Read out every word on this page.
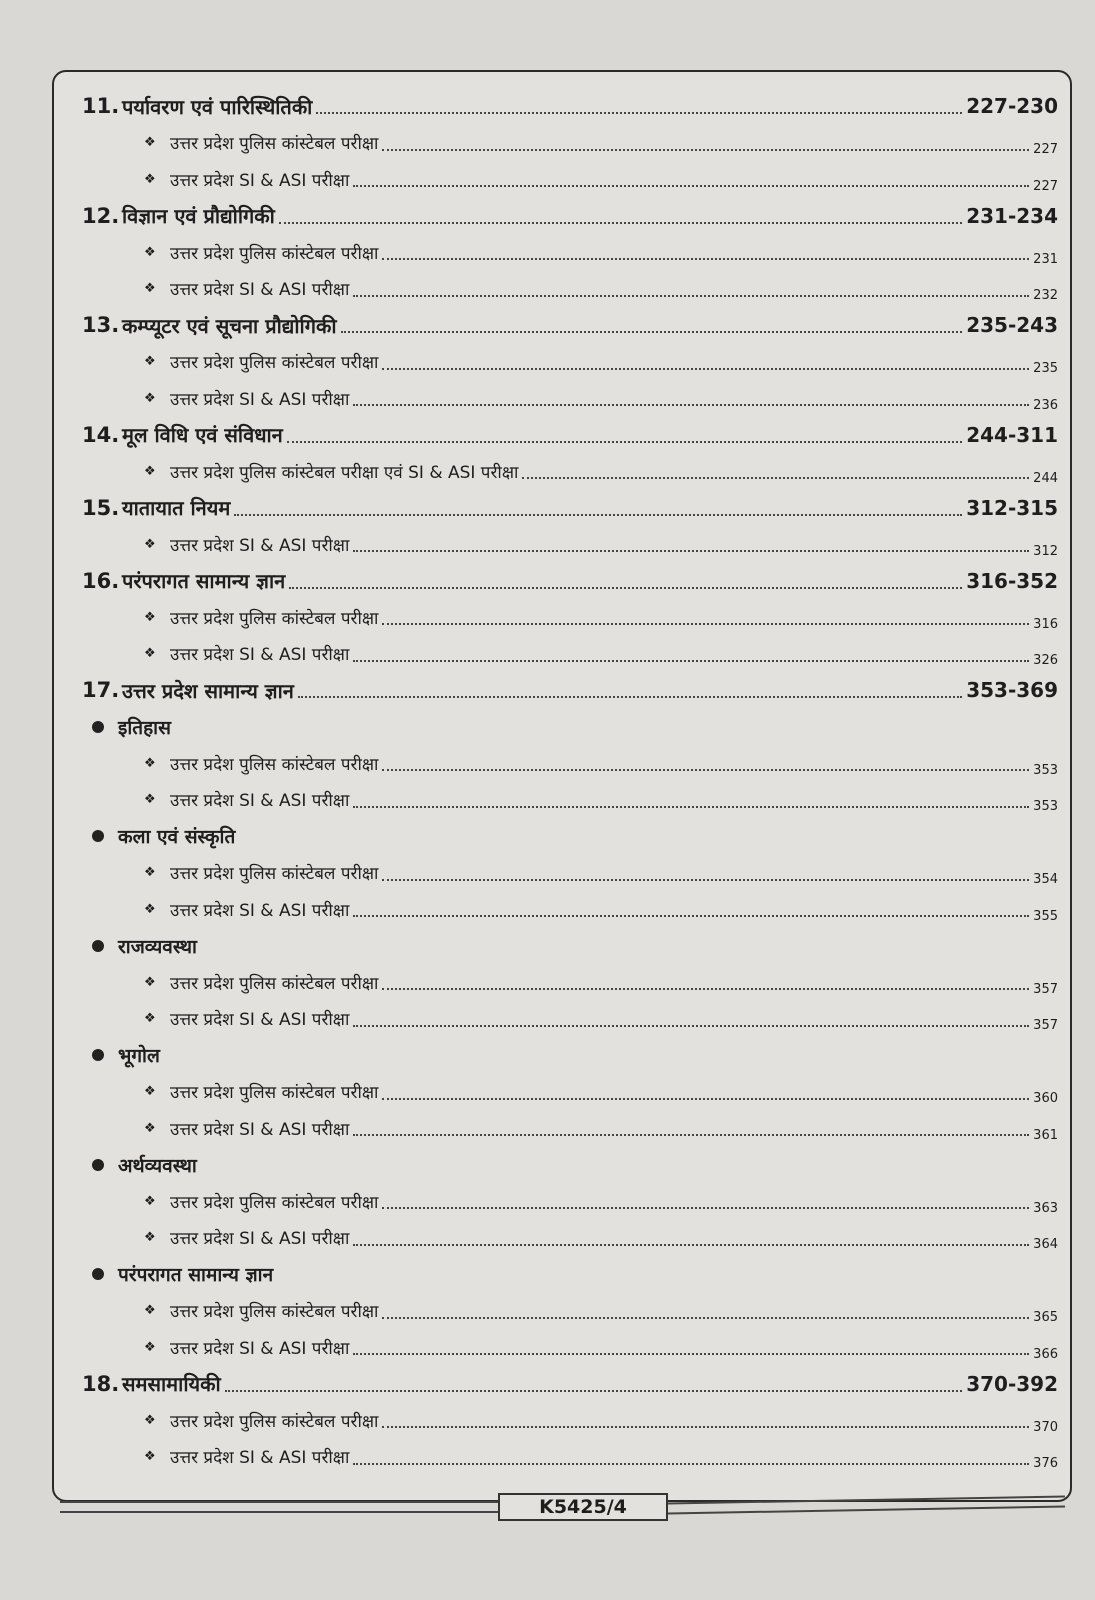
11. पर्यावरण एवं पारिस्थितिकी	227-230
❖ उत्तर प्रदेश पुलिस कांस्टेबल परीक्षा	227
❖ उत्तर प्रदेश SI & ASI परीक्षा	227
12. विज्ञान एवं प्रौद्योगिकी	231-234
❖ उत्तर प्रदेश पुलिस कांस्टेबल परीक्षा	231
❖ उत्तर प्रदेश SI & ASI परीक्षा	232
13. कम्प्यूटर एवं सूचना प्रौद्योगिकी	235-243
❖ उत्तर प्रदेश पुलिस कांस्टेबल परीक्षा	235
❖ उत्तर प्रदेश SI & ASI परीक्षा	236
14. मूल विधि एवं संविधान	244-311
❖ उत्तर प्रदेश पुलिस कांस्टेबल परीक्षा एवं SI & ASI परीक्षा	244
15. यातायात नियम	312-315
❖ उत्तर प्रदेश SI & ASI परीक्षा	312
16. परंपरागत सामान्य ज्ञान	316-352
❖ उत्तर प्रदेश पुलिस कांस्टेबल परीक्षा	316
❖ उत्तर प्रदेश SI & ASI परीक्षा	326
17. उत्तर प्रदेश सामान्य ज्ञान	353-369
इतिहास
❖ उत्तर प्रदेश पुलिस कांस्टेबल परीक्षा	353
❖ उत्तर प्रदेश SI & ASI परीक्षा	353
कला एवं संस्कृति
❖ उत्तर प्रदेश पुलिस कांस्टेबल परीक्षा	354
❖ उत्तर प्रदेश SI & ASI परीक्षा	355
राजव्यवस्था
❖ उत्तर प्रदेश पुलिस कांस्टेबल परीक्षा	357
❖ उत्तर प्रदेश SI & ASI परीक्षा	357
भूगोल
❖ उत्तर प्रदेश पुलिस कांस्टेबल परीक्षा	360
❖ उत्तर प्रदेश SI & ASI परीक्षा	361
अर्थव्यवस्था
❖ उत्तर प्रदेश पुलिस कांस्टेबल परीक्षा	363
❖ उत्तर प्रदेश SI & ASI परीक्षा	364
परंपरागत सामान्य ज्ञान
❖ उत्तर प्रदेश पुलिस कांस्टेबल परीक्षा	365
❖ उत्तर प्रदेश SI & ASI परीक्षा	366
18. समसामायिकी	370-392
❖ उत्तर प्रदेश पुलिस कांस्टेबल परीक्षा	370
❖ उत्तर प्रदेश SI & ASI परीक्षा	376
K5425/4
